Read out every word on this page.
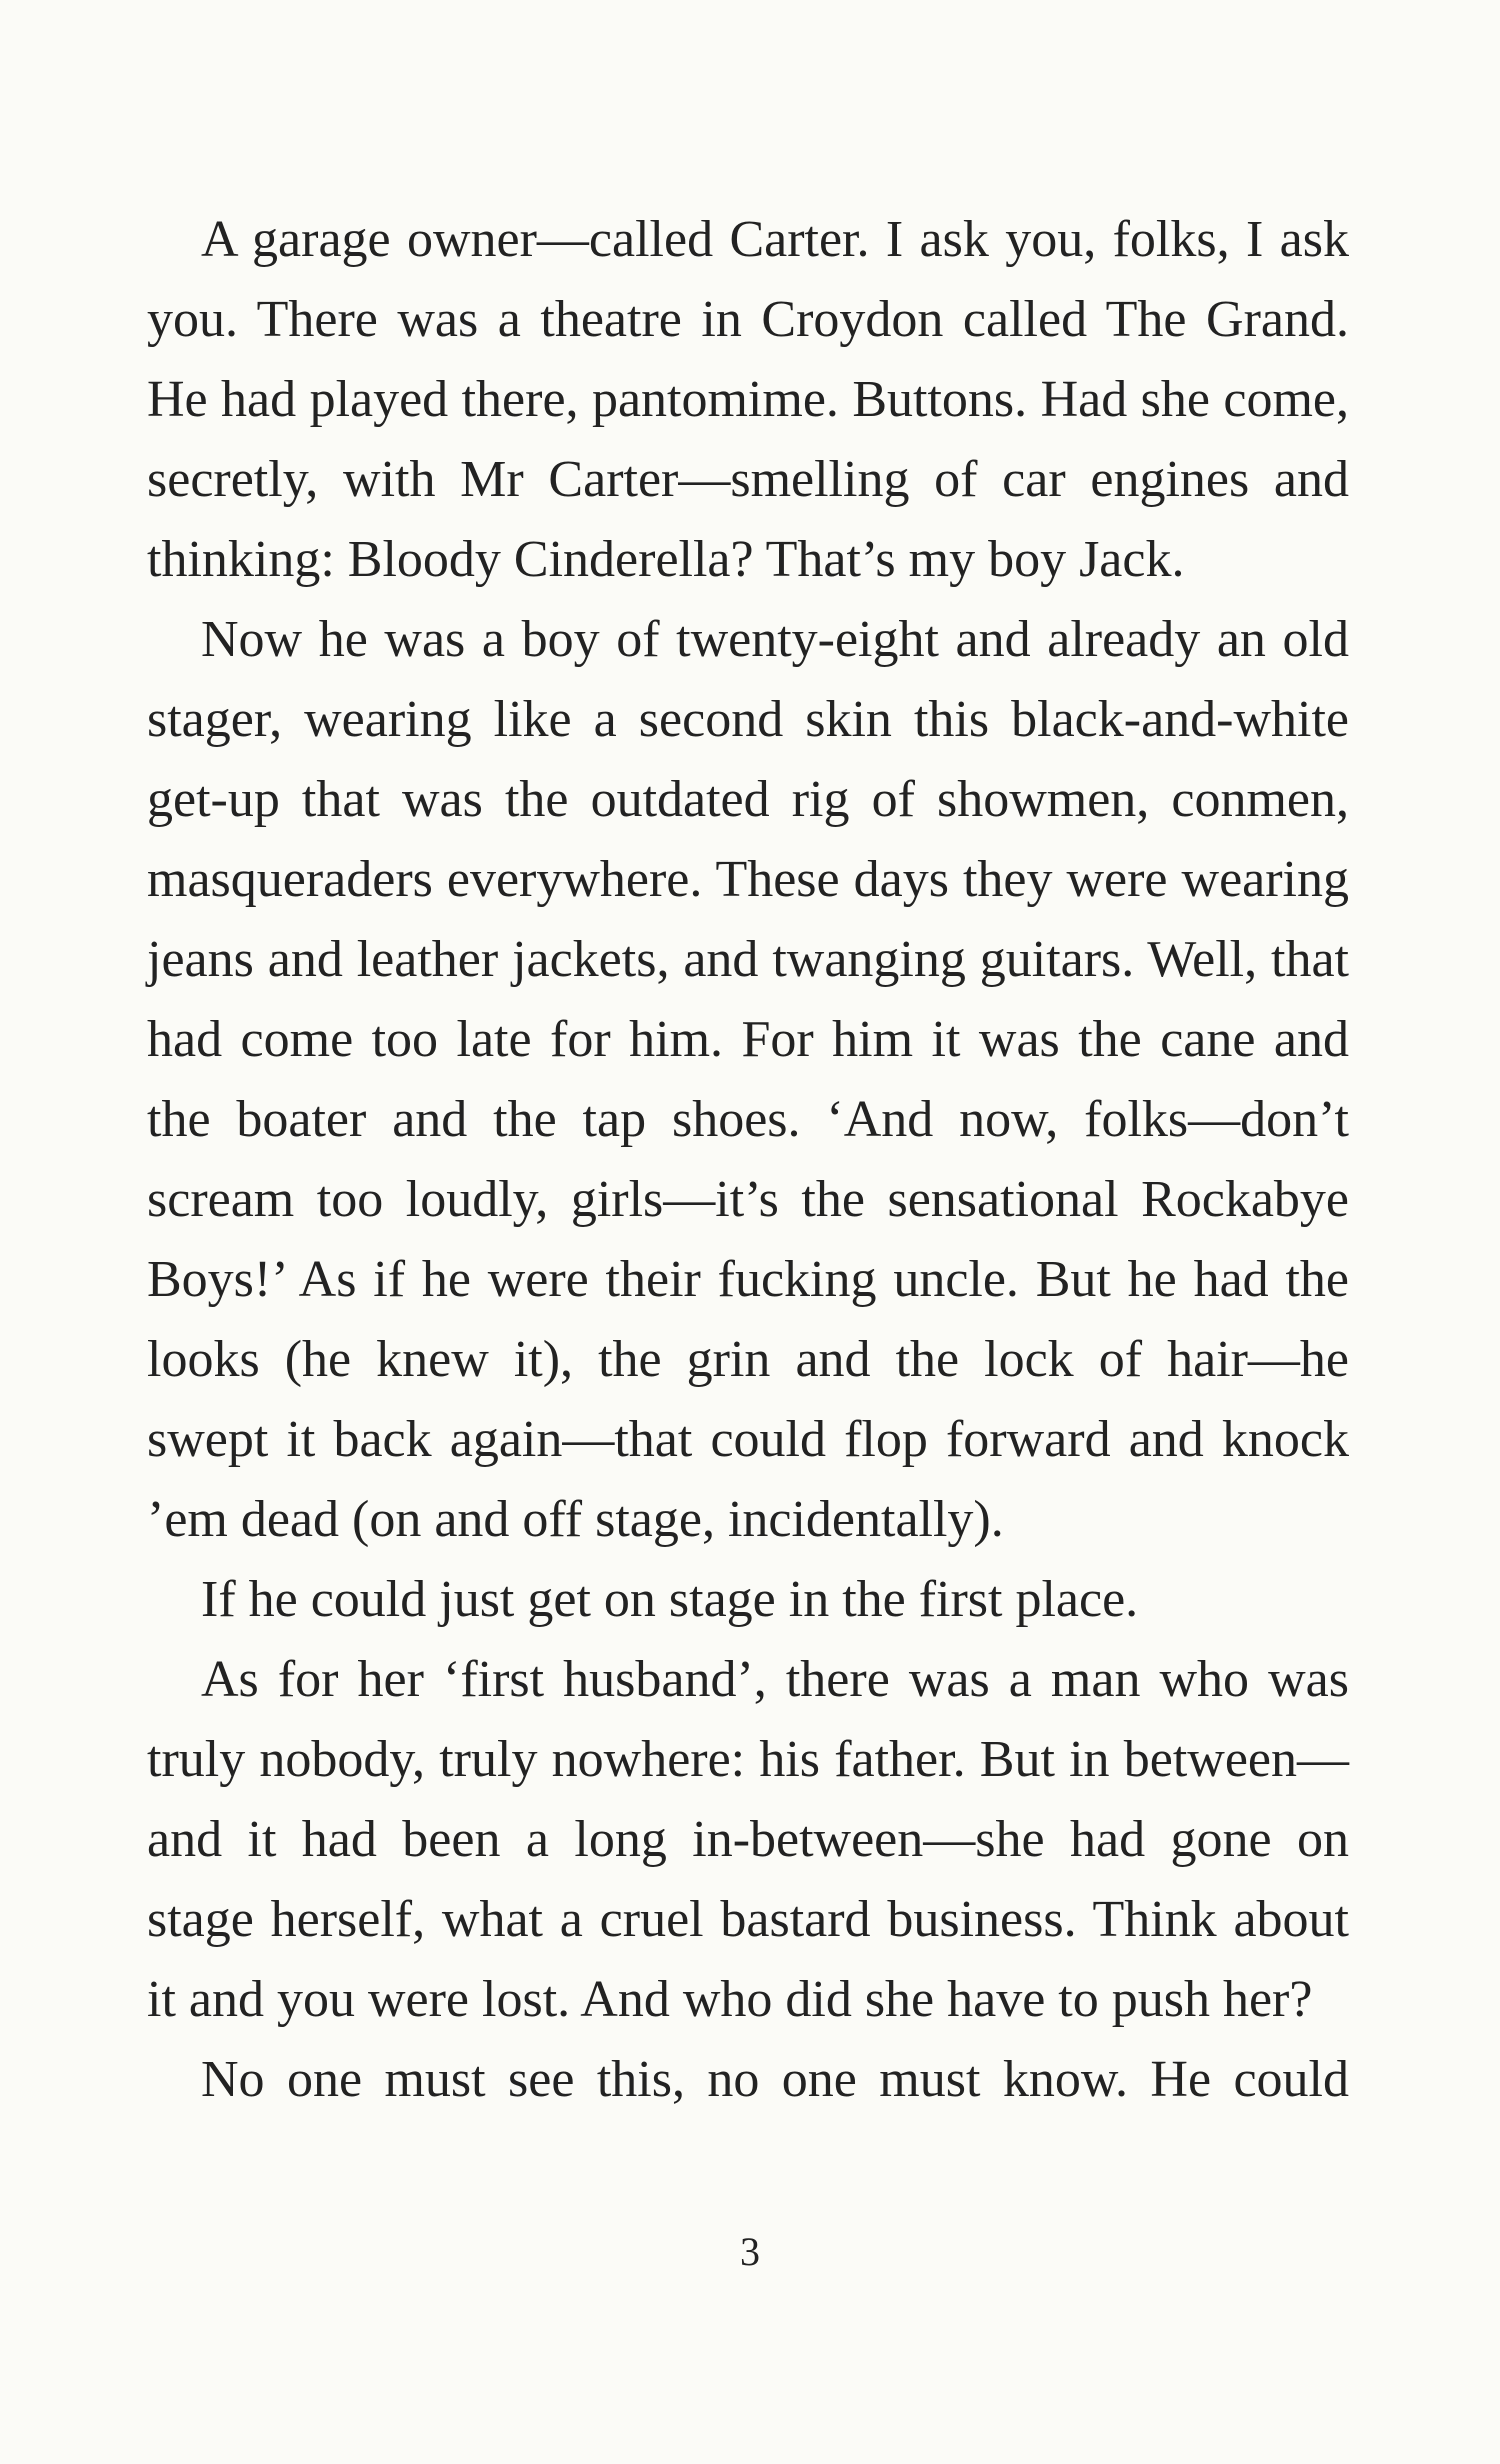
A garage owner—called Carter. I ask you, folks, I ask you. There was a theatre in Croydon called The Grand. He had played there, pantomime. Buttons. Had she come, secretly, with Mr Carter—smelling of car engines and thinking: Bloody Cinderella? That’s my boy Jack.

Now he was a boy of twenty-eight and already an old stager, wearing like a second skin this black-and-white get-up that was the outdated rig of showmen, conmen, masqueraders everywhere. These days they were wearing jeans and leather jackets, and twanging guitars. Well, that had come too late for him. For him it was the cane and the boater and the tap shoes. ‘And now, folks—don’t scream too loudly, girls—it’s the sensational Rockabye Boys!’ As if he were their fucking uncle. But he had the looks (he knew it), the grin and the lock of hair—he swept it back again—that could flop forward and knock ’em dead (on and off stage, incidentally).

If he could just get on stage in the first place.

As for her ‘first husband’, there was a man who was truly nobody, truly nowhere: his father. But in between—and it had been a long in-between—she had gone on stage herself, what a cruel bastard business. Think about it and you were lost. And who did she have to push her?

No one must see this, no one must know. He could

3
